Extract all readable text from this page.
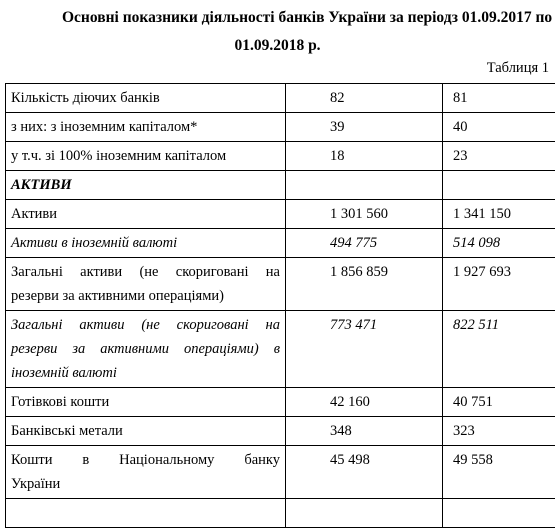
Основні показники діяльності банків України за періодз 01.09.2017 по
01.09.2018 р.
Таблиця 1
Кількість діючих банків	82	81
з них: з іноземним капіталом*	39	40
у т.ч. зі 100% іноземним капіталом	18	23
АКТИВИ		
Активи	1 301 560	1 341 150
Активи в іноземній валюті	494 775	514 098

Загальні активи (не скориговані на
резерви за активними операціями)	1 856 859	1 927 693

Загальні активи (не скориговані на
резерви за активними операціями) в
іноземній валюті	773 471	822 511
Готівкові кошти	42 160	40 751
Банківські метали	348	323

Кошти в Національному банку
України	45 498	49 558
